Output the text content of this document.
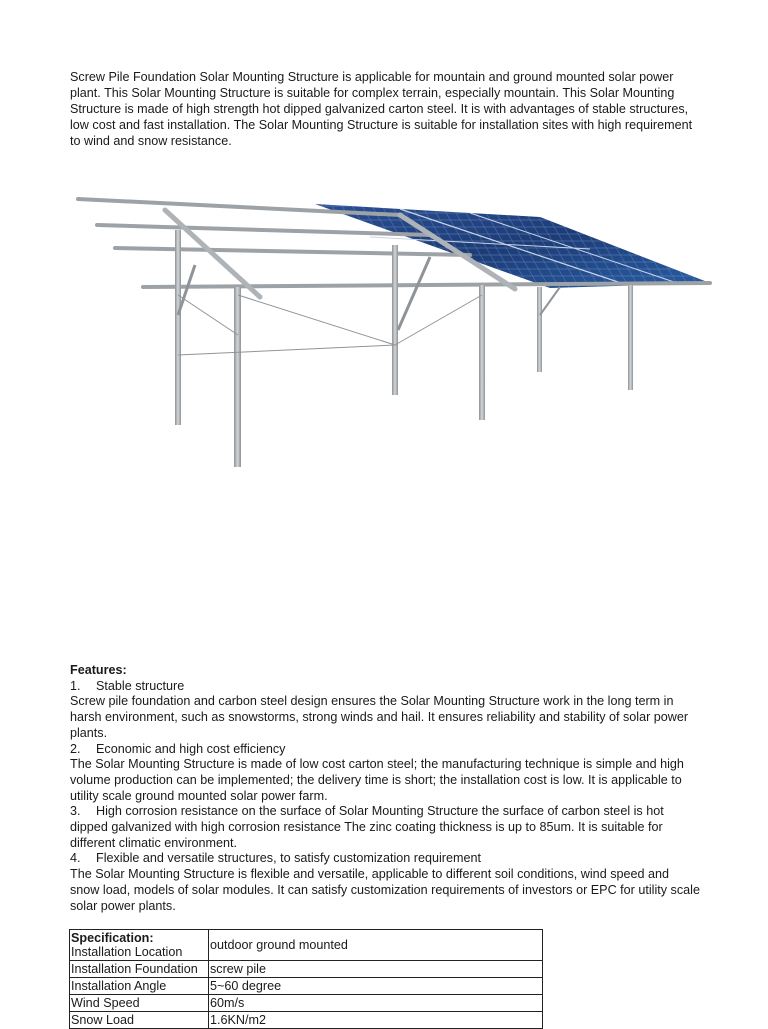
Screw Pile Foundation Solar Mounting Structure is applicable for mountain and ground mounted solar power plant. This Solar Mounting Structure is suitable for complex terrain, especially mountain. This Solar Mounting Structure is made of high strength hot dipped galvanized carton steel. It is with advantages of stable structures, low cost and fast installation. The Solar Mounting Structure is suitable for installation sites with high requirement to wind and snow resistance.

Features:

1. Stable structure

Screw pile foundation and carbon steel design ensures the Solar Mounting Structure work in the long term in harsh environment, such as snowstorms, strong winds and hail. It ensures reliability and stability of solar power plants.

2. Economic and high cost efficiency

The Solar Mounting Structure is made of low cost carton steel; the manufacturing technique is simple and high volume production can be implemented; the delivery time is short; the installation cost is low. It is applicable to utility scale ground mounted solar power farm.

3. High corrosion resistance on the surface of Solar Mounting Structure the surface of carbon steel is hot dipped galvanized with high corrosion resistance The zinc coating thickness is up to 85um. It is suitable for different climatic environment.

4. Flexible and versatile structures, to satisfy customization requirement

The Solar Mounting Structure is flexible and versatile, applicable to different soil conditions, wind speed and snow load, models of solar modules. It can satisfy customization requirements of investors or EPC for utility scale solar power plants.

Specification:
Installation Location	outdoor ground mounted
Installation Foundation	screw pile
Installation Angle	5~60 degree
Wind Speed	60m/s
Snow Load	1.6KN/m2
